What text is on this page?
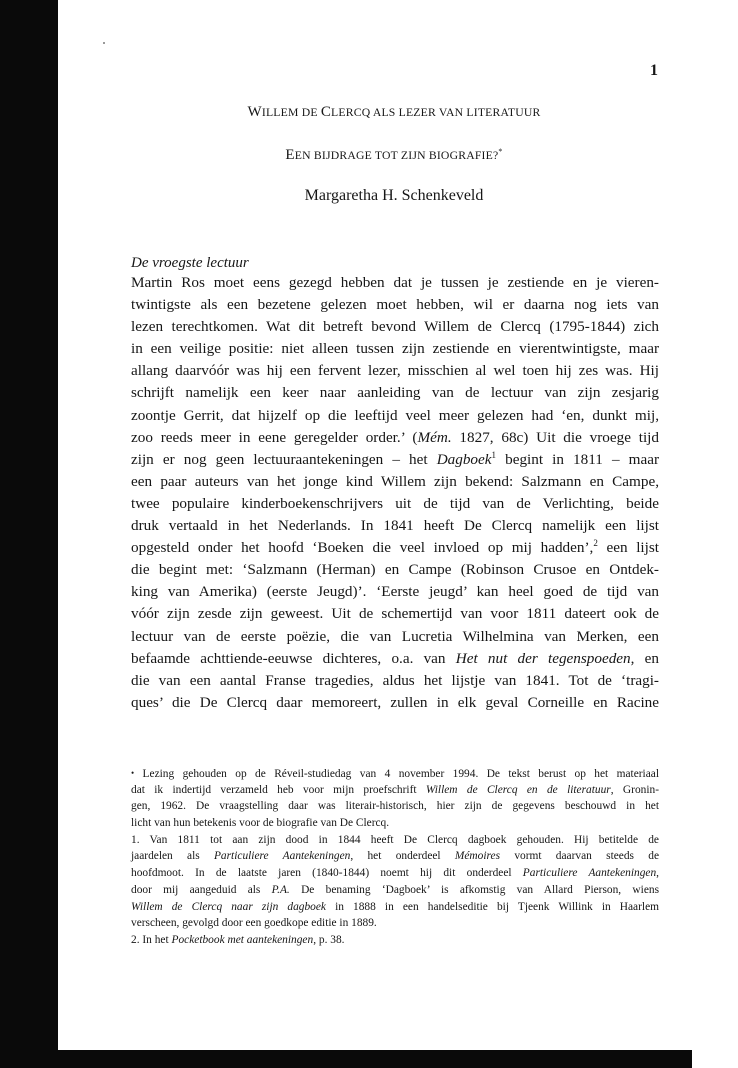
1
WILLEM DE CLERCQ ALS LEZER VAN LITERATUUR
EEN BIJDRAGE TOT ZIJN BIOGRAFIE?*
Margaretha H. Schenkeveld
De vroegste lectuur
Martin Ros moet eens gezegd hebben dat je tussen je zestiende en je vieren-
twintigste als een bezetene gelezen moet hebben, wil er daarna nog iets van
lezen terechtkomen. Wat dit betreft bevond Willem de Clercq (1795-1844) zich
in een veilige positie: niet alleen tussen zijn zestiende en vierentwintigste, maar
allang daarvóór was hij een fervent lezer, misschien al wel toen hij zes was. Hij
schrijft namelijk een keer naar aanleiding van de lectuur van zijn zesjarig
zoontje Gerrit, dat hijzelf op die leeftijd veel meer gelezen had ‘en, dunkt mij,
zoo reeds meer in eene geregelder order.’ (Mém. 1827, 68c) Uit die vroege tijd
zijn er nog geen lectuuraantekeningen – het Dagboek$^1$ begint in 1811 – maar
een paar auteurs van het jonge kind Willem zijn bekend: Salzmann en Campe,
twee populaire kinderboekenschrijvers uit de tijd van de Verlichting, beide
druk vertaald in het Nederlands. In 1841 heeft De Clercq namelijk een lijst
opgesteld onder het hoofd ‘Boeken die veel invloed op mij hadden’,$^2$ een lijst
die begint met: ‘Salzmann (Herman) en Campe (Robinson Crusoe en Ontdek-
king van Amerika) (eerste Jeugd)’. ‘Eerste jeugd’ kan heel goed de tijd van
vóór zijn zesde zijn geweest. Uit de schemertijd van voor 1811 dateert ook de
lectuur van de eerste poëzie, die van Lucretia Wilhelmina van Merken, een
befaamde achttiende-eeuwse dichteres, o.a. van Het nut der tegenspoeden, en
die van een aantal Franse tragedies, aldus het lijstje van 1841. Tot de ‘tragi-
ques’ die De Clercq daar memoreert, zullen in elk geval Corneille en Racine
• Lezing gehouden op de Réveil-studiedag van 4 november 1994. De tekst berust op het materiaal
dat ik indertijd verzameld heb voor mijn proefschrift Willem de Clercq en de literatuur, Gronin-
gen, 1962. De vraagstelling daar was literair-historisch, hier zijn de gegevens beschouwd in het
licht van hun betekenis voor de biografie van De Clercq.
1. Van 1811 tot aan zijn dood in 1844 heeft De Clercq dagboek gehouden. Hij betitelde de
jaardelen als Particuliere Aantekeningen, het onderdeel Mémoires vormt daarvan steeds de
hoofdmoot. In de laatste jaren (1840-1844) noemt hij dit onderdeel Particuliere Aantekeningen,
door mij aangeduid als P.A. De benaming ‘Dagboek’ is afkomstig van Allard Pierson, wiens
Willem de Clercq naar zijn dagboek in 1888 in een handelseditie bij Tjeenk Willink in Haarlem
verscheen, gevolgd door een goedkope editie in 1889.
2. In het Pocketbook met aantekeningen, p. 38.
